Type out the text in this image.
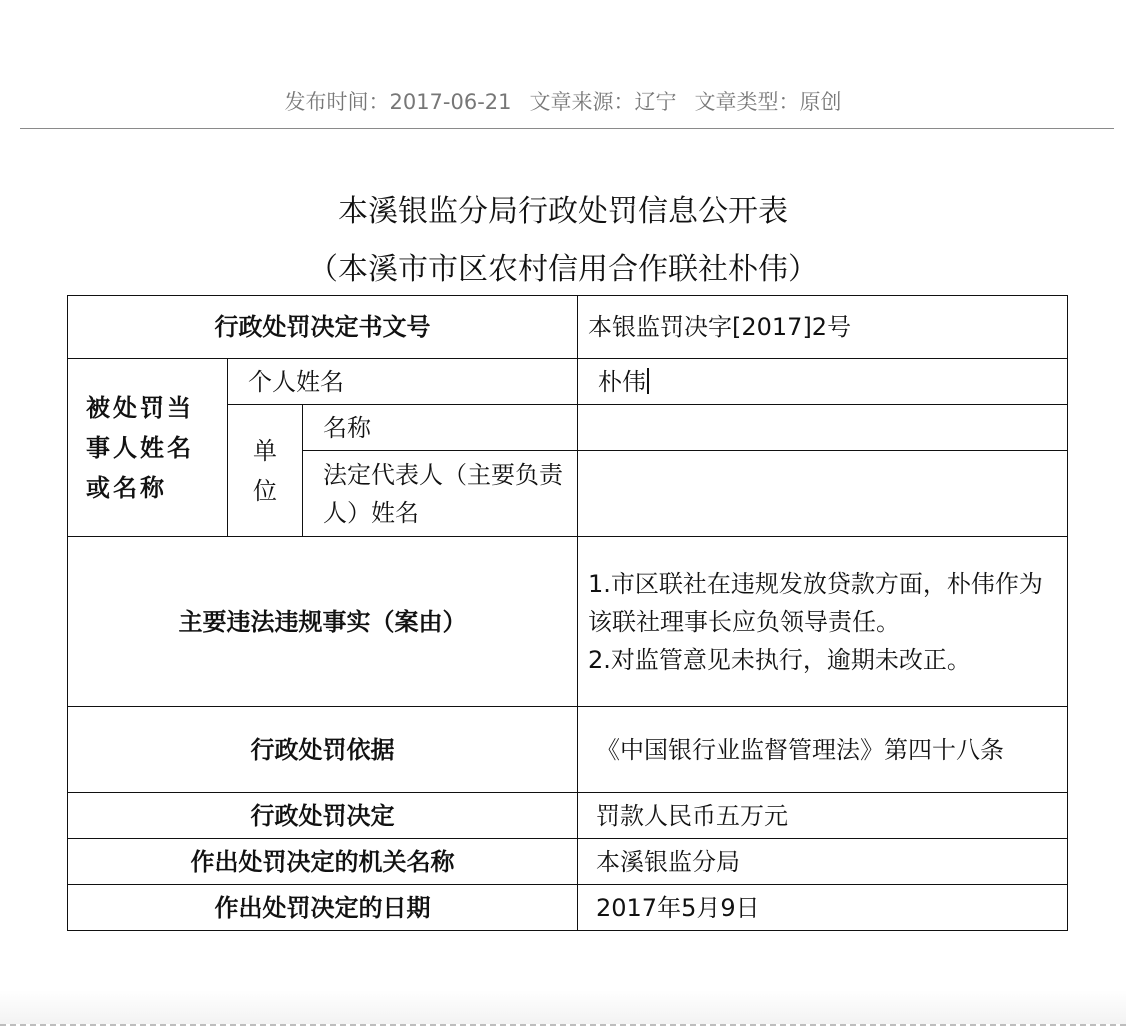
发布时间：2017-06-21 文章来源：辽宁 文章类型：原创
本溪银监分局行政处罚信息公开表
（本溪市市区农村信用合作联社朴伟）
行政处罚决定书文号			本银监罚决字[2017]2号
被处罚当事人姓名或名称	个人姓名		朴伟
	单位	名称	
		法定代表人（主要负责人）姓名	
主要违法违规事实（案由）			1.市区联社在违规发放贷款方面，朴伟作为该联社理事长应负领导责任。
2.对监管意见未执行，逾期未改正。

行政处罚依据			《中国银行业监督管理法》第四十八条
行政处罚决定			罚款人民币五万元
作出处罚决定的机关名称			本溪银监分局
作出处罚决定的日期			2017年5月9日
